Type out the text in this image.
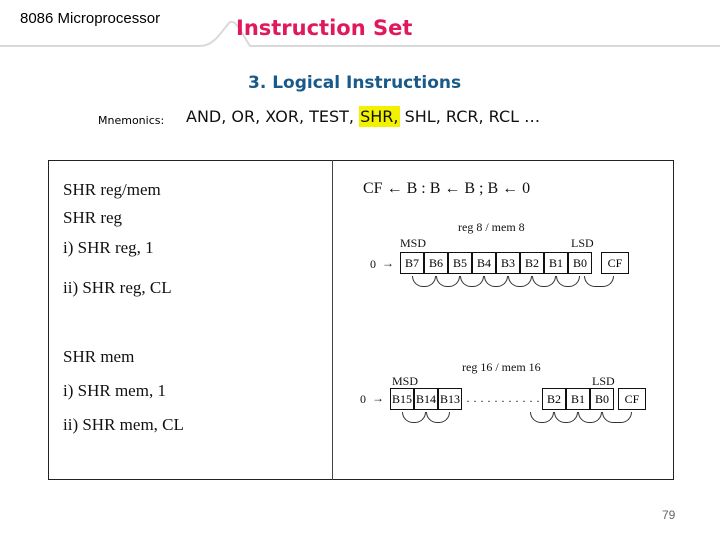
8086 Microprocessor	Instruction Set
3. Logical Instructions
Mnemonics: AND, OR, XOR, TEST, SHR, SHL, RCR, RCL …
SHR reg/mem
SHR reg
i) SHR reg, 1
ii) SHR reg, CL
SHR mem
i) SHR mem, 1
ii) SHR mem, CL
CF ← B : B ← B ; B ← 0
reg 8 / mem 8
MSD	LSD
0 → B7 B6 B5 B4 B3 B2 B1 B0	CF
reg 16 / mem 16
MSD	LSD
0 → B15 B14 B13 · · · · · · · · · · · B2 B1 B0	CF
79
